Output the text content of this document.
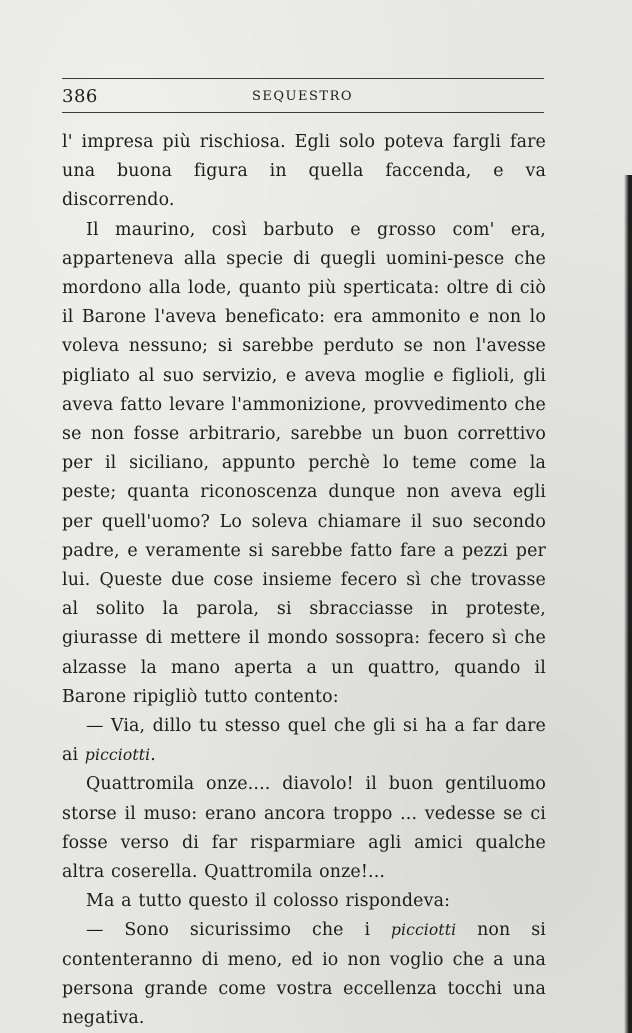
386	SEQUESTRO

l' impresa più rischiosa. Egli solo poteva fargli fare una buona figura in quella faccenda, e va discorrendo.

Il maurino, così barbuto e grosso com' era, apparteneva alla specie di quegli uomini-pesce che mordono alla lode, quanto più sperticata: oltre di ciò il Barone l'aveva beneficato: era ammonito e non lo voleva nessuno; si sarebbe perduto se non l'avesse pigliato al suo servizio, e aveva moglie e figlioli, gli aveva fatto levare l'ammonizione, provvedimento che se non fosse arbitrario, sarebbe un buon correttivo per il siciliano, appunto perchè lo teme come la peste; quanta riconoscenza dunque non aveva egli per quell'uomo? Lo soleva chiamare il suo secondo padre, e veramente si sarebbe fatto fare a pezzi per lui. Queste due cose insieme fecero sì che trovasse al solito la parola, si sbracciasse in proteste, giurasse di mettere il mondo sossopra: fecero sì che alzasse la mano aperta a un quattro, quando il Barone ripigliò tutto contento:

— Via, dillo tu stesso quel che gli si ha a far dare ai picciotti.

Quattromila onze.... diavolo! il buon gentiluomo storse il muso: erano ancora troppo ... vedesse se ci fosse verso di far risparmiare agli amici qualche altra coserella. Quattromila onze!...

Ma a tutto questo il colosso rispondeva:

— Sono sicurissimo che i picciotti non si contenteranno di meno, ed io non voglio che a una persona grande come vostra eccellenza tocchi una negativa.
